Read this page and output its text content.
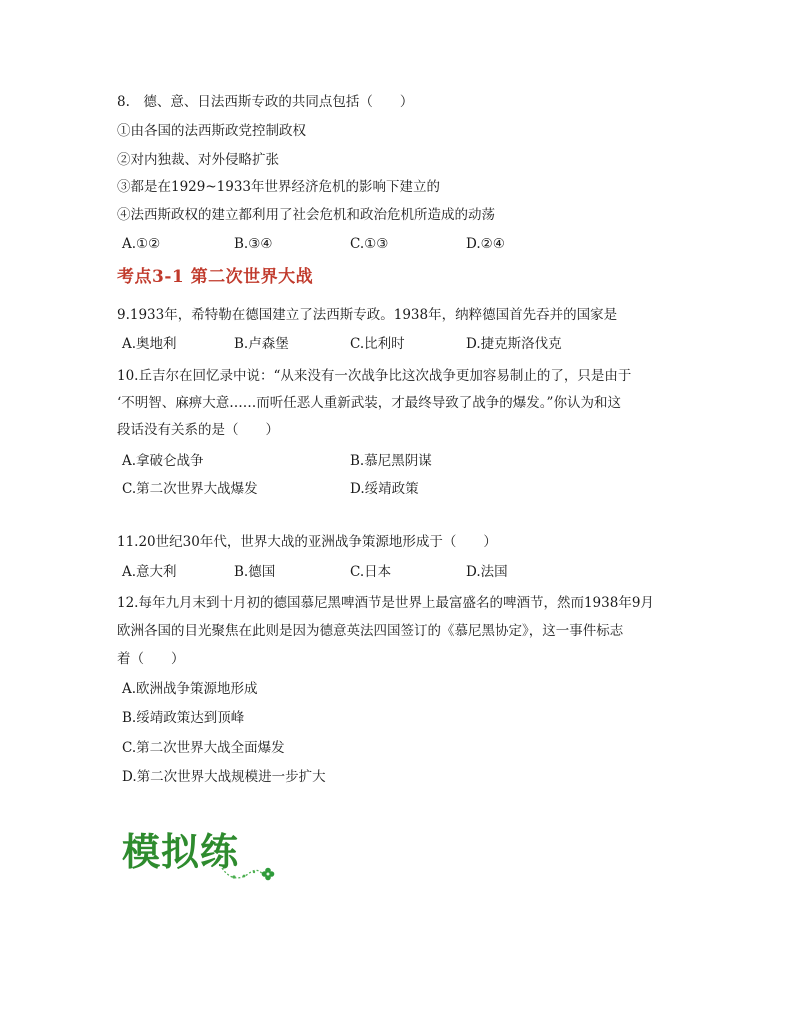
8.　德、意、日法西斯专政的共同点包括（　　）
①由各国的法西斯政党控制政权
②对内独裁、对外侵略扩张
③都是在1929~1933年世界经济危机的影响下建立的
④法西斯政权的建立都利用了社会危机和政治危机所造成的动荡
A.①②	B.③④	C.①③	D.②④
考点3-1 第二次世界大战
9.1933年，希特勒在德国建立了法西斯专政。1938年，纳粹德国首先吞并的国家是
A.奥地利	B.卢森堡	C.比利时	D.捷克斯洛伐克
10.丘吉尔在回忆录中说：“从来没有一次战争比这次战争更加容易制止的了，只是由于
‘不明智、麻痹大意……而听任恶人重新武装，才最终导致了战争的爆发。”你认为和这
段话没有关系的是（　　）
A.拿破仑战争	B.慕尼黑阴谋
C.第二次世界大战爆发	D.绥靖政策
11.20世纪30年代，世界大战的亚洲战争策源地形成于（　　）
A.意大利	B.德国	C.日本	D.法国
12.每年九月末到十月初的德国慕尼黑啤酒节是世界上最富盛名的啤酒节，然而1938年9月
欧洲各国的目光聚焦在此则是因为德意英法四国签订的《慕尼黑协定》，这一事件标志
着（　　）
A.欧洲战争策源地形成
B.绥靖政策达到顶峰
C.第二次世界大战全面爆发
D.第二次世界大战规模进一步扩大
模拟练
